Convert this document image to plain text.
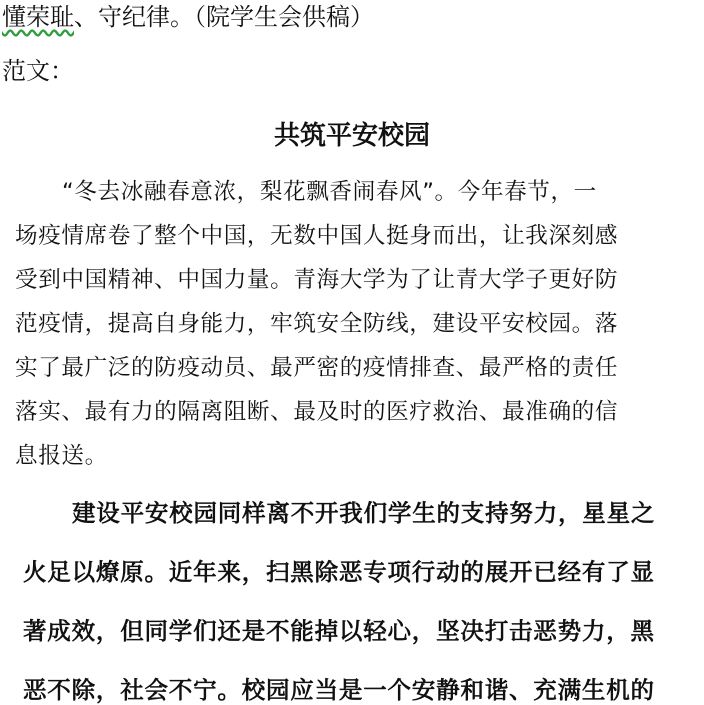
懂荣耻、守纪律。（院学生会供稿）
范文：
共筑平安校园
“冬去冰融春意浓，梨花飘香闹春风”。今年春节，一
场疫情席卷了整个中国，无数中国人挺身而出，让我深刻感
受到中国精神、中国力量。青海大学为了让青大学子更好防
范疫情，提高自身能力，牢筑安全防线，建设平安校园。落
实了最广泛的防疫动员、最严密的疫情排查、最严格的责任
落实、最有力的隔离阻断、最及时的医疗救治、最准确的信
息报送。
建设平安校园同样离不开我们学生的支持努力，星星之
火足以燎原。近年来，扫黑除恶专项行动的展开已经有了显
著成效，但同学们还是不能掉以轻心，坚决打击恶势力，黑
恶不除，社会不宁。校园应当是一个安静和谐、充满生机的
